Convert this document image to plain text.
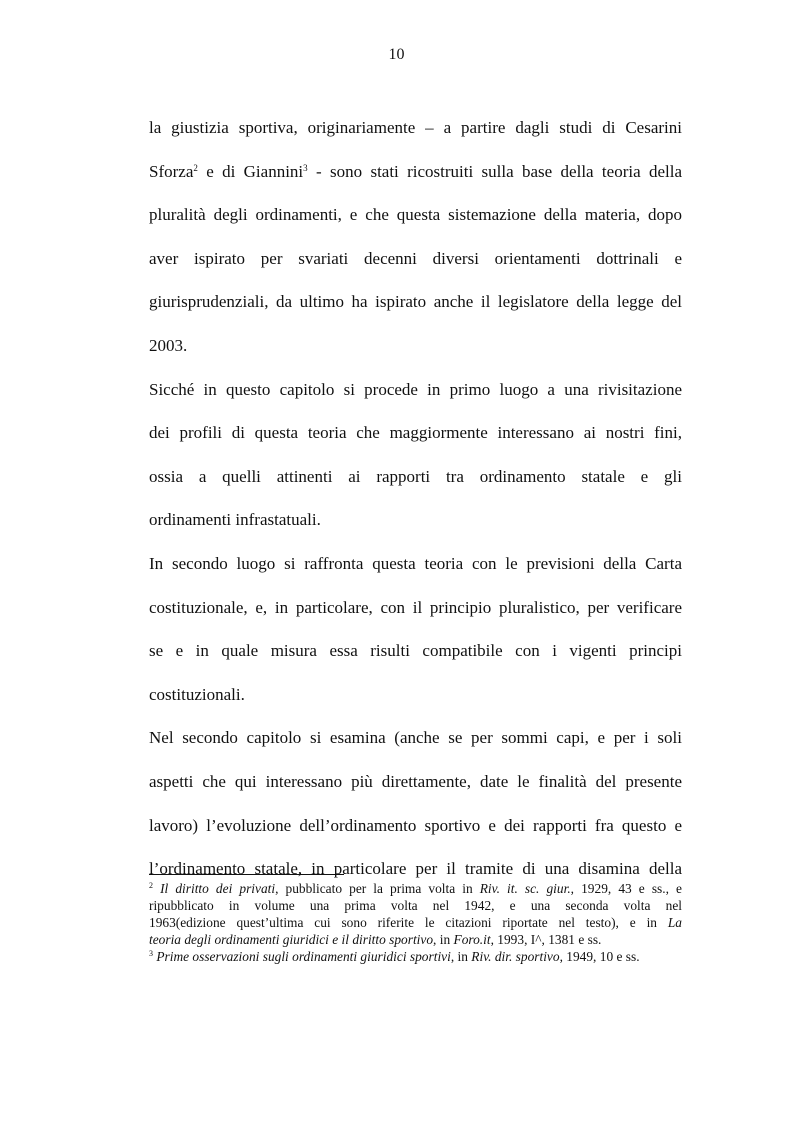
10

la giustizia sportiva, originariamente – a partire dagli studi di Cesarini
Sforza$^2$ e di Giannini$^3$ - sono stati ricostruiti sulla base della teoria della
pluralità degli ordinamenti, e che questa sistemazione della materia, dopo
aver ispirato per svariati decenni diversi orientamenti dottrinali e
giurisprudenziali, da ultimo ha ispirato anche il legislatore della legge del
2003.

Sicché in questo capitolo si procede in primo luogo a una rivisitazione
dei profili di questa teoria che maggiormente interessano ai nostri fini,
ossia a quelli attinenti ai rapporti tra ordinamento statale e gli
ordinamenti infrastatuali.

In secondo luogo si raffronta questa teoria con le previsioni della Carta
costituzionale, e, in particolare, con il principio pluralistico, per verificare
se e in quale misura essa risulti compatibile con i vigenti principi
costituzionali.

Nel secondo capitolo si esamina (anche se per sommi capi, e per i soli
aspetti che qui interessano più direttamente, date le finalità del presente
lavoro) l’evoluzione dell’ordinamento sportivo e dei rapporti fra questo e
l’ordinamento statale, in particolare per il tramite di una disamina della

$^2$ Il diritto dei privati, pubblicato per la prima volta in Riv. it. sc. giur., 1929, 43 e ss., e
ripubblicato in volume una prima volta nel 1942, e una seconda volta nel
1963(edizione quest’ultima cui sono riferite le citazioni riportate nel testo), e in La
teoria degli ordinamenti giuridici e il diritto sportivo, in Foro.it, 1993, I^, 1381 e ss.
$^3$ Prime osservazioni sugli ordinamenti giuridici sportivi, in Riv. dir. sportivo, 1949, 10 e ss.
